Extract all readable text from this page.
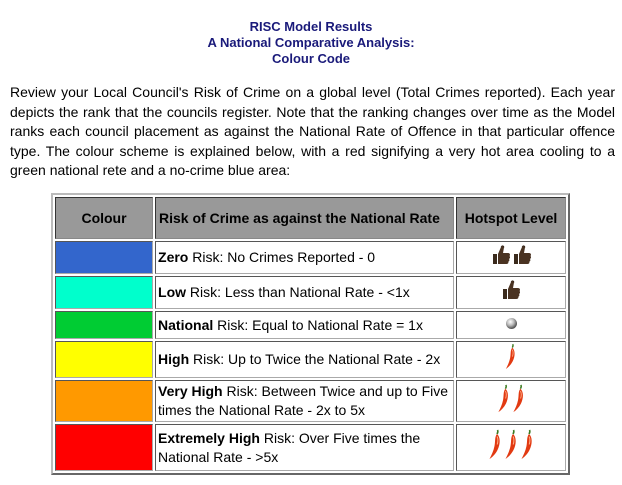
RISC Model Results
A National Comparative Analysis:
Colour Code
Review your Local Council's Risk of Crime on a global level (Total Crimes reported). Each year depicts the rank that the councils register. Note that the ranking changes over time as the Model ranks each council placement as against the National Rate of Offence in that particular offence type. The colour scheme is explained below, with a red signifying a very hot area cooling to a green national rete and a no-crime blue area:
Colour	Risk of Crime as against the National Rate	Hotspot Level
	Zero Risk: No Crimes Reported - 0	

	Low Risk: Less than National Rate - <1x	

	National Risk: Equal to National Rate = 1x	

	High Risk: Up to Twice the National Rate - 2x	

	Very High Risk: Between Twice and up to Five times the National Rate - 2x to 5x	

	Extremely High Risk: Over Five times the National Rate - >5x	
